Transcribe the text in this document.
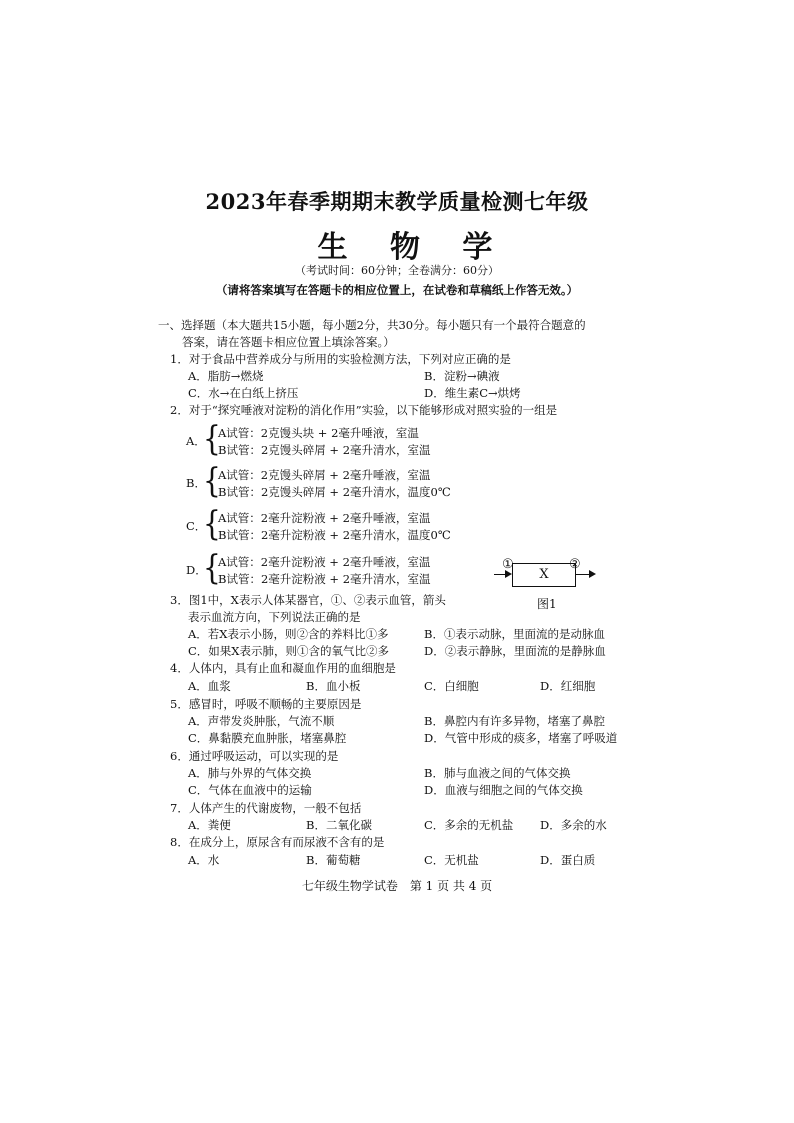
2023年春季期期末教学质量检测七年级
生 物 学
（考试时间：60分钟；全卷满分：60分）
（请将答案填写在答题卡的相应位置上，在试卷和草稿纸上作答无效。）
一、选择题（本大题共15小题，每小题2分，共30分。每小题只有一个最符合题意的
答案，请在答题卡相应位置上填涂答案。）
1．对于食品中营养成分与所用的实验检测方法，下列对应正确的是
A．脂肪→燃烧	B．淀粉→碘液
C．水→在白纸上挤压	D．维生素C→烘烤
2．对于“探究唾液对淀粉的消化作用”实验，以下能够形成对照实验的一组是
A．
{
A试管：2克馒头块 + 2毫升唾液，室温
B试管：2克馒头碎屑 + 2毫升清水，室温
B．
{
A试管：2克馒头碎屑 + 2毫升唾液，室温
B试管：2克馒头碎屑 + 2毫升清水，温度0℃
C．
{
A试管：2毫升淀粉液 + 2毫升唾液，室温
B试管：2毫升淀粉液 + 2毫升清水，温度0℃
D．
{
A试管：2毫升淀粉液 + 2毫升唾液，室温
B试管：2毫升淀粉液 + 2毫升清水，室温
①
X
②
图1
3．图1中，X表示人体某器官，①、②表示血管，箭头
表示血流方向，下列说法正确的是
A．若X表示小肠，则②含的养料比①多	B．①表示动脉，里面流的是动脉血
C．如果X表示肺，则①含的氧气比②多	D．②表示静脉，里面流的是静脉血
4．人体内，具有止血和凝血作用的血细胞是
A．血浆	B．血小板	C．白细胞	D．红细胞
5．感冒时，呼吸不顺畅的主要原因是
A．声带发炎肿胀，气流不顺	B．鼻腔内有许多异物，堵塞了鼻腔
C．鼻黏膜充血肿胀，堵塞鼻腔	D．气管中形成的痰多，堵塞了呼吸道
6．通过呼吸运动，可以实现的是
A．肺与外界的气体交换	B．肺与血液之间的气体交换
C．气体在血液中的运输	D．血液与细胞之间的气体交换
7．人体产生的代谢废物，一般不包括
A．粪便	B．二氧化碳	C．多余的无机盐 D．多余的水
8．在成分上，原尿含有而尿液不含有的是
A．水	B．葡萄糖	C．无机盐	D．蛋白质
七年级生物学试卷　第 1 页 共 4 页
